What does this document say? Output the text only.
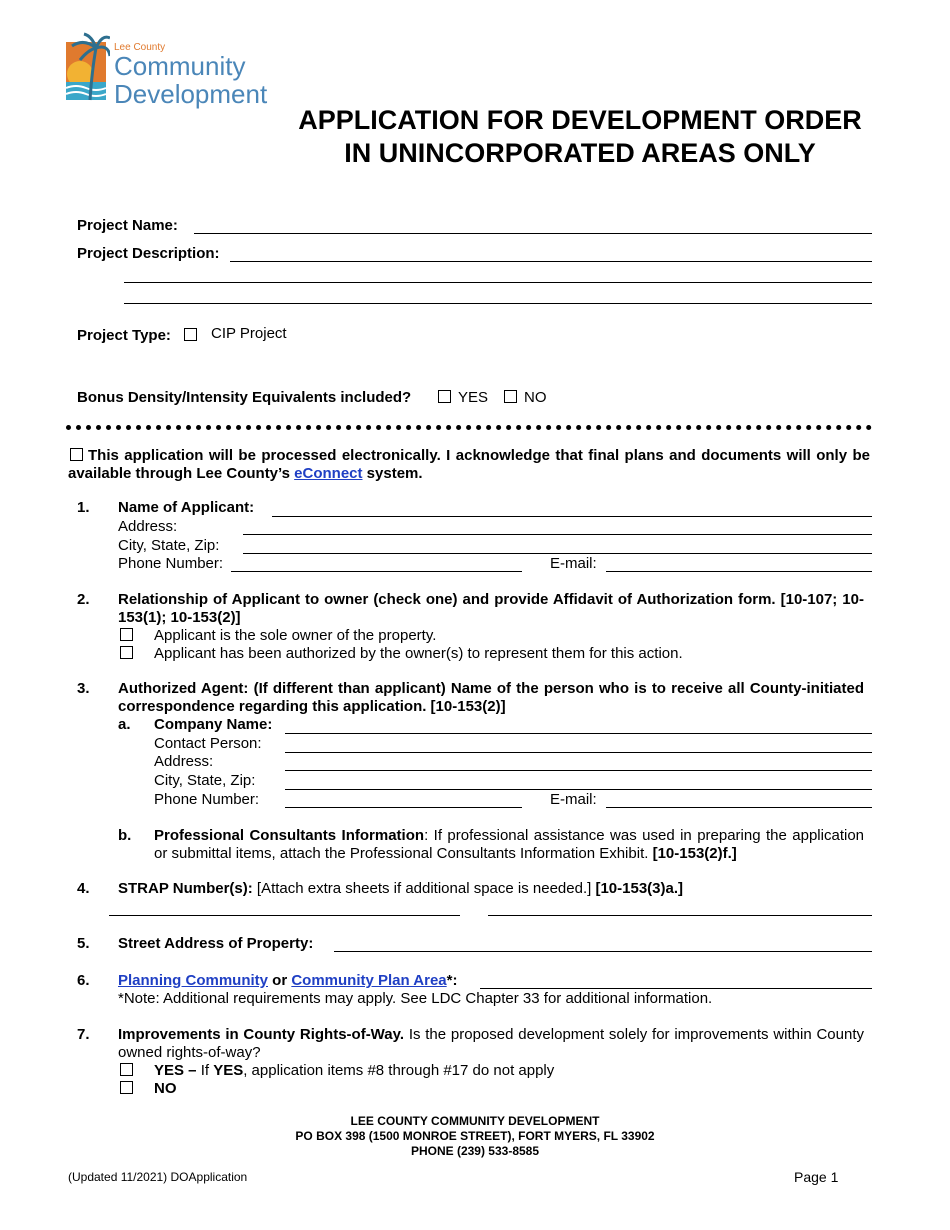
Lee County
Community
Development
APPLICATION FOR DEVELOPMENT ORDER
IN UNINCORPORATED AREAS ONLY
Project Name:
Project Description:
Project Type:	CIP Project
Bonus Density/Intensity Equivalents included?	YES NO
This application will be processed electronically. I acknowledge that final plans and documents will only be available through Lee County’s eConnect system.
1. Name of Applicant:
Address:
City, State, Zip:
Phone Number:	E-mail:
2. Relationship of Applicant to owner (check one) and provide Affidavit of Authorization form. [10-107; 10-153(1); 10-153(2)]
Applicant is the sole owner of the property.
Applicant has been authorized by the owner(s) to represent them for this action.
3. Authorized Agent: (If different than applicant) Name of the person who is to receive all County-initiated correspondence regarding this application. [10-153(2)]
a. Company Name:
Contact Person:
Address:
City, State, Zip:
Phone Number:	E-mail:
b. Professional Consultants Information: If professional assistance was used in preparing the application or submittal items, attach the Professional Consultants Information Exhibit. [10-153(2)f.]
4. STRAP Number(s): [Attach extra sheets if additional space is needed.] [10-153(3)a.]
5. Street Address of Property:
6. Planning Community or Community Plan Area*:
*Note: Additional requirements may apply. See LDC Chapter 33 for additional information.
7. Improvements in County Rights-of-Way. Is the proposed development solely for improvements within County owned rights-of-way?
YES – If YES, application items #8 through #17 do not apply
NO
LEE COUNTY COMMUNITY DEVELOPMENT
PO BOX 398 (1500 MONROE STREET), FORT MYERS, FL 33902
PHONE (239) 533-8585
(Updated 11/2021) DOApplication	Page 1
